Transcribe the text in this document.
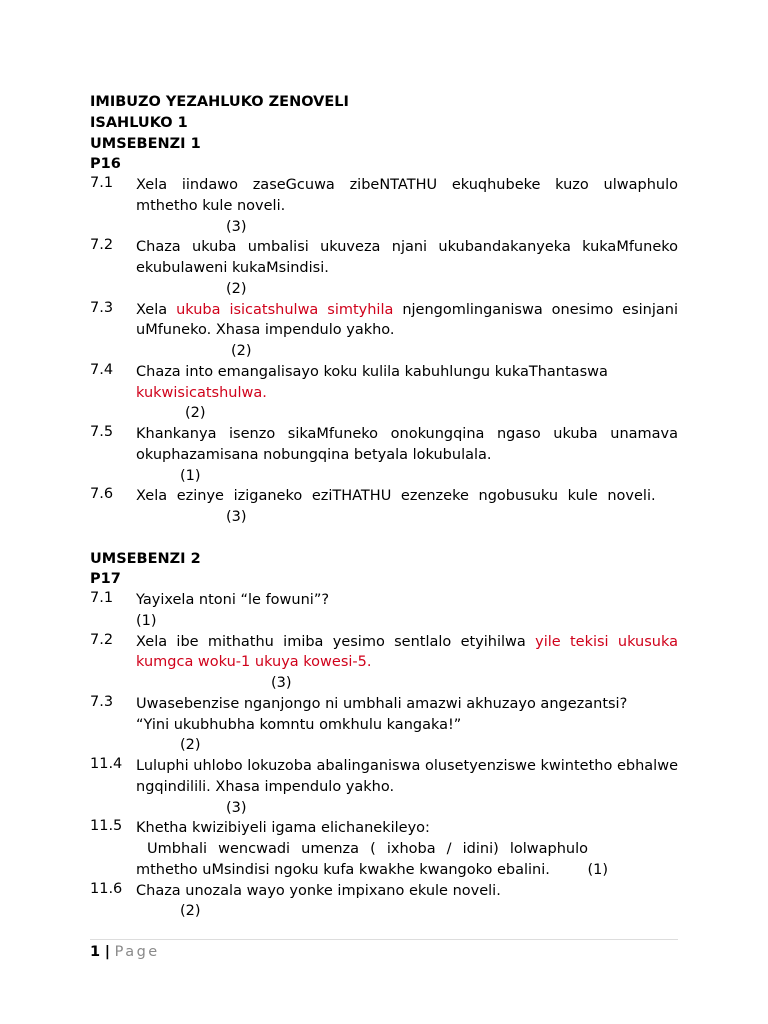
IMIBUZO YEZAHLUKO ZENOVELI
ISAHLUKO 1
UMSEBENZI 1
P16
7.1 Xela iindawo zaseGcuwa zibeNTATHU ekuqhubeke kuzo ulwaphulo mthetho kule noveli.
(3)
7.2 Chaza ukuba umbalisi ukuveza njani ukubandakanyeka kukaMfuneko ekubulaweni kukaMsindisi.
(2)
7.3 Xela ukuba isicatshulwa simtyhila njengomlinganiswa onesimo esinjani uMfuneko. Xhasa impendulo yakho.
(2)
7.4 Chaza into emangalisayo koku kulila kabuhlungu kukaThantaswa
kukwisicatshulwa.
(2)
7.5 Khankanya isenzo sikaMfuneko onokungqina ngaso ukuba unamava okuphazamisana nobungqina betyala lokubulala.
(1)
7.6 Xela ezinye iziganeko eziTHATHU ezenzeke ngobusuku kule noveli.
(3)
UMSEBENZI 2
P17
7.1 Yayixela ntoni “le fowuni”?
(1)
7.2 Xela ibe mithathu imiba yesimo sentlalo etyihilwa yile tekisi ukusuka kumgca woku-1 ukuya kowesi-5.
(3)
7.3 Uwasebenzise nganjongo ni umbhali amazwi akhuzayo angezantsi?
“Yini ukubhubha komntu omkhulu kangaka!”
(2)
11.4 Luluphi uhlobo lokuzoba abalinganiswa olusetyenziswe kwintetho ebhalwe ngqindilili. Xhasa impendulo yakho.
(3)
11.5 Khetha kwizibiyeli igama elichanekileyo:
Umbhali wencwadi umenza ( ixhoba / idini) lolwaphulo mthetho uMsindisi ngoku kufa kwakhe kwangoko ebalini.	(1)
11.6 Chaza unozala wayo yonke impixano ekule noveli.
(2)
1 | Page
